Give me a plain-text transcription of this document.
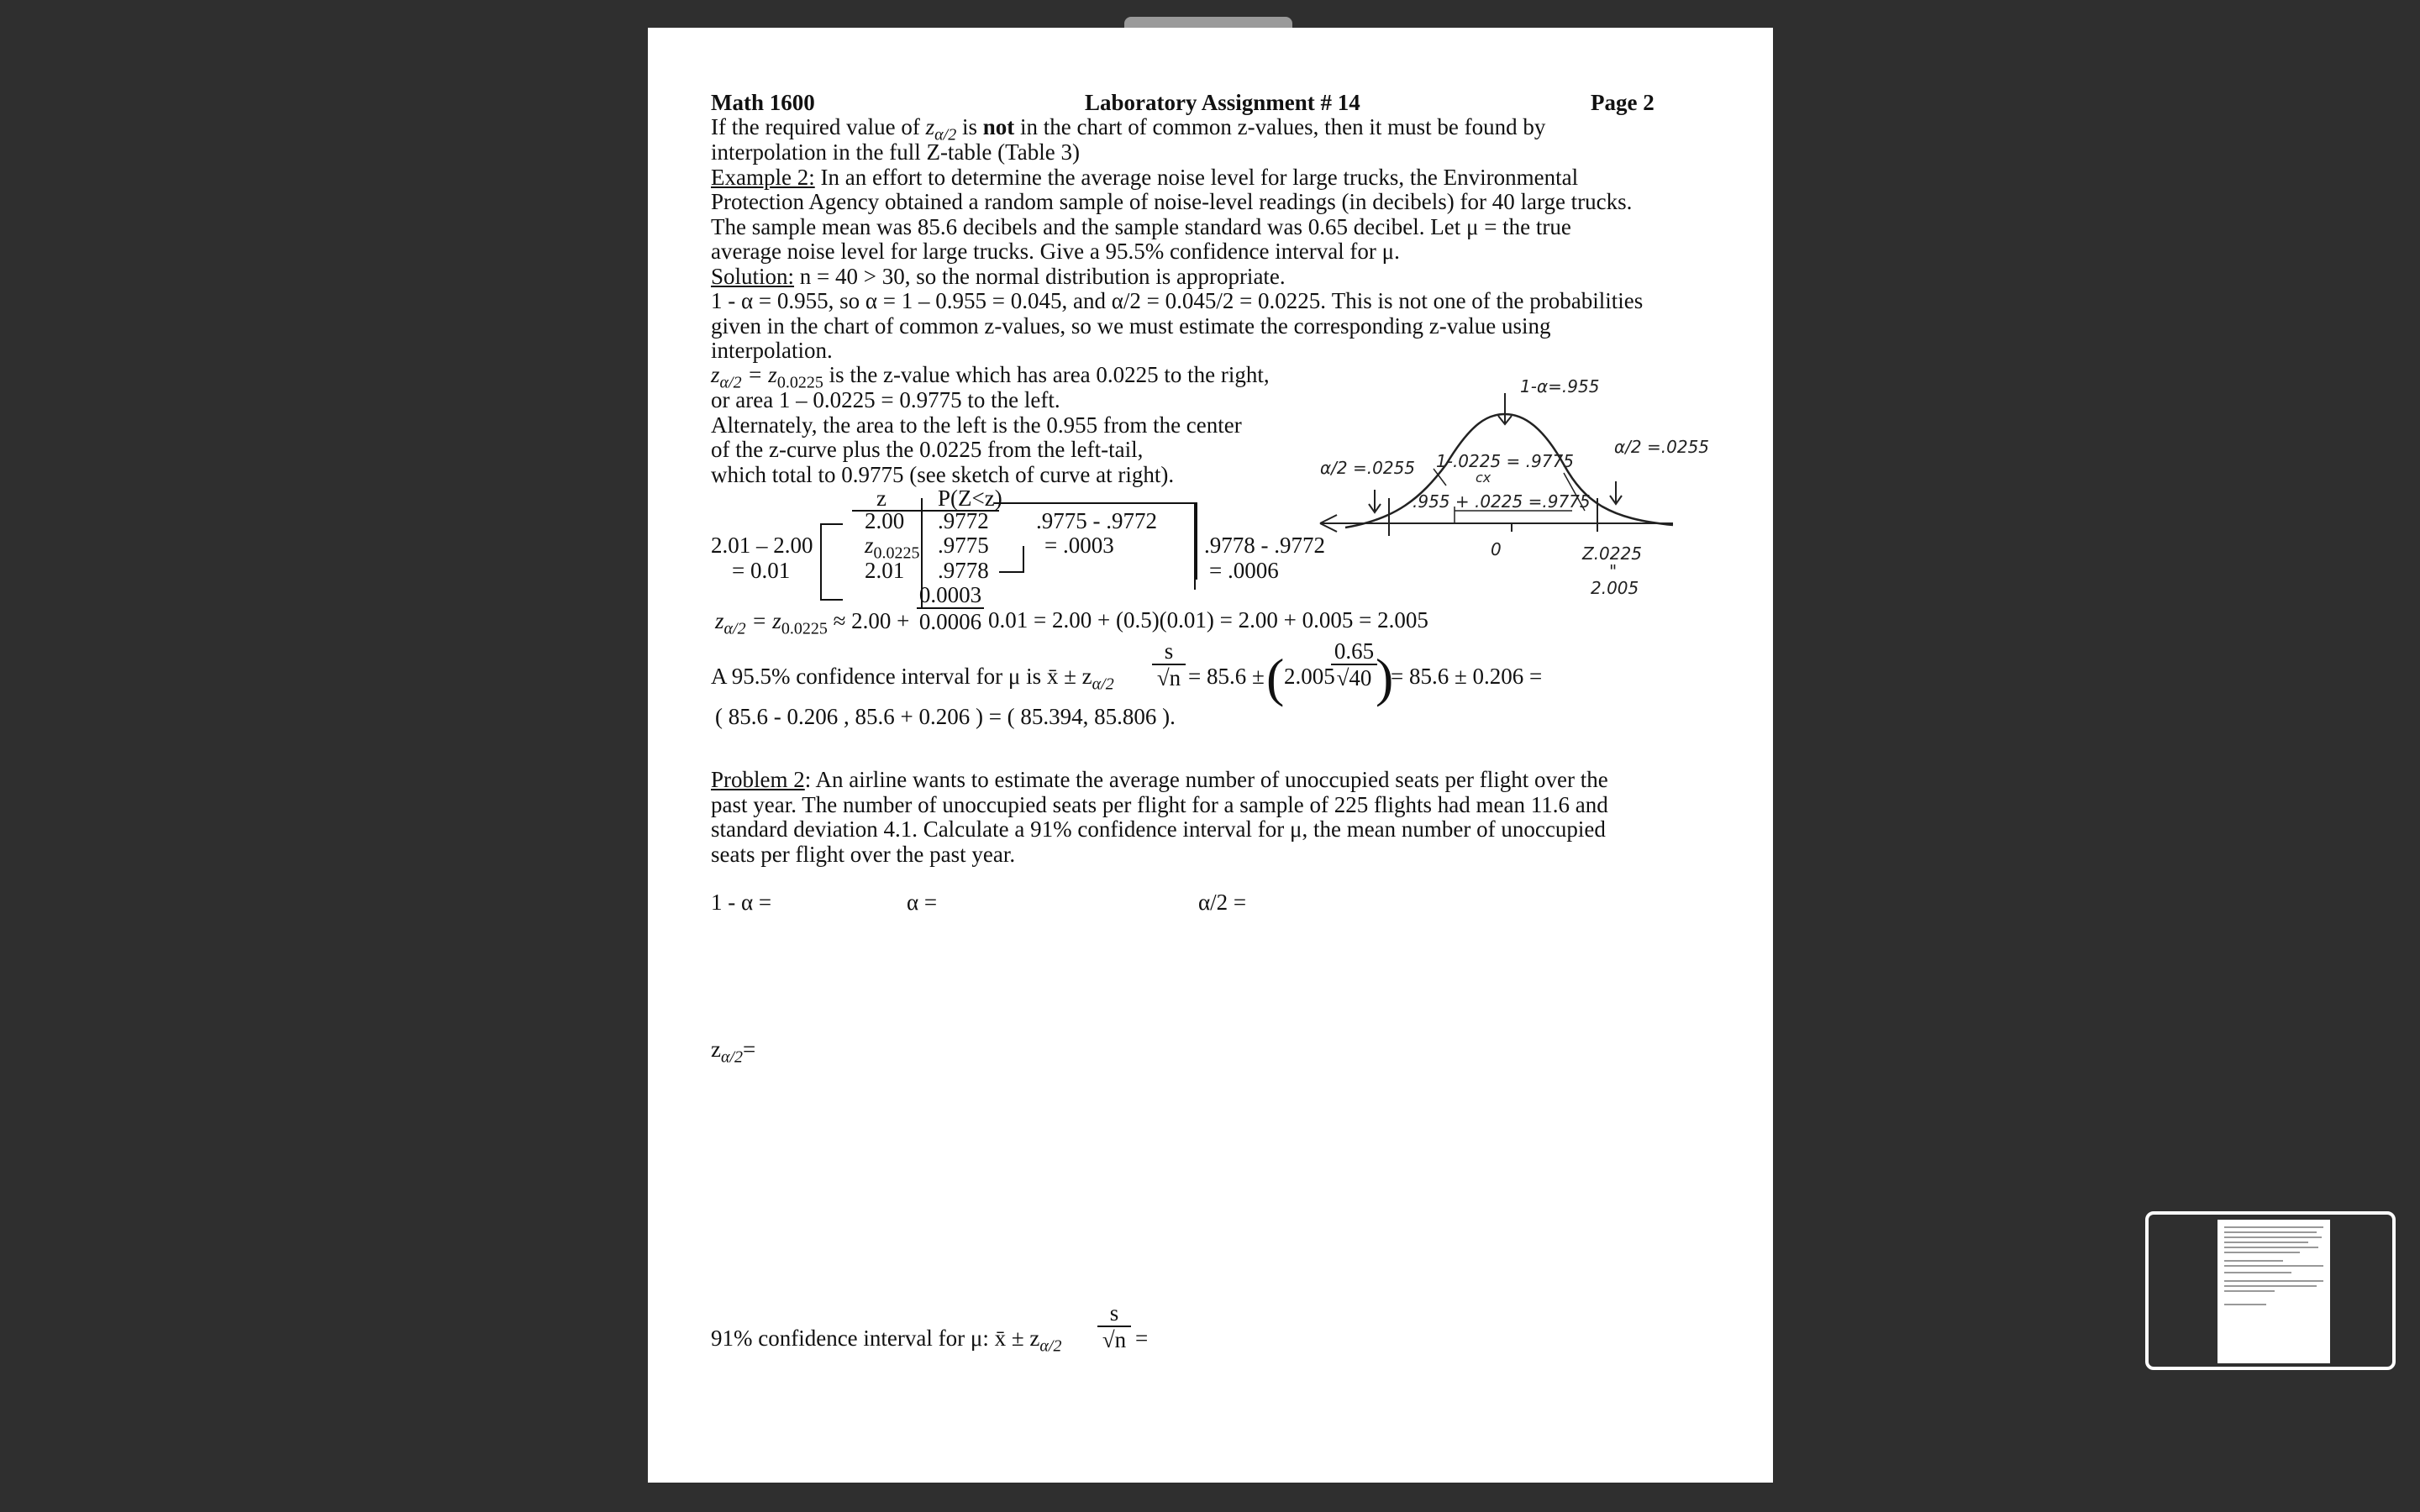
Math 1600	Laboratory Assignment # 14	Page 2
If the required value of $z_{\alpha/2}$ is not in the chart of common z-values, then it must be found by
interpolation in the full Z-table (Table 3)
Example 2: In an effort to determine the average noise level for large trucks, the Environmental
Protection Agency obtained a random sample of noise-level readings (in decibels) for 40 large trucks.
The sample mean was 85.6 decibels and the sample standard was 0.65 decibel. Let μ = the true
average noise level for large trucks. Give a 95.5% confidence interval for μ.
Solution: n = 40 > 30, so the normal distribution is appropriate.
1 - α = 0.955, so α = 1 – 0.955 = 0.045, and α/2 = 0.045/2 = 0.0225. This is not one of the probabilities
given in the chart of common z-values, so we must estimate the corresponding z-value using
interpolation.
$z_{\alpha/2} = z_{0.0225}$ is the z-value which has area 0.0225 to the right,
or area 1 – 0.0225 = 0.9775 to the left.
Alternately, the area to the left is the 0.955 from the center
of the z-curve plus the 0.0225 from the left-tail,
which total to 0.9775 (see sketch of curve at right).
z P(Z<z)
2.00 .9772
$z_{0.0225}$ .9775
2.01 .9778
2.01 – 2.00
= 0.01
.9775 - .9772
= .0003	.9778 - .9772
= .0006
$z_{\alpha/2} = z_{0.0225} \approx 2.00 + \frac{0.0003}{0.0006} 0.01 = 2.00 + (0.5)(0.01) = 2.00 + 0.005 = 2.005$
A 95.5% confidence interval for μ is x̄ ± $z_{\alpha/2} \frac{s}{√n} = 85.6$ ± ( 2.005
$\frac{0.65}{√40}$
)
= 85.6 ± 0.206 =
( 85.6 - 0.206 , 85.6 + 0.206 ) = ( 85.394, 85.806 ).
1-α=.955
α/2 =.0255
α/2 =.0255
1-.0225 = .9775
cx
.955 + .0225 =.9775
0	Z.0225
"
2.005
Problem 2: An airline wants to estimate the average number of unoccupied seats per flight over the
past year. The number of unoccupied seats per flight for a sample of 225 flights had mean 11.6 and
standard deviation 4.1. Calculate a 91% confidence interval for μ, the mean number of unoccupied
seats per flight over the past year.
1 - α =	α =	α/2 =
$z_{\alpha/2}=$
91% confidence interval for μ: x̄ ± $z_{\alpha/2} \frac{s}{√n}$ =
